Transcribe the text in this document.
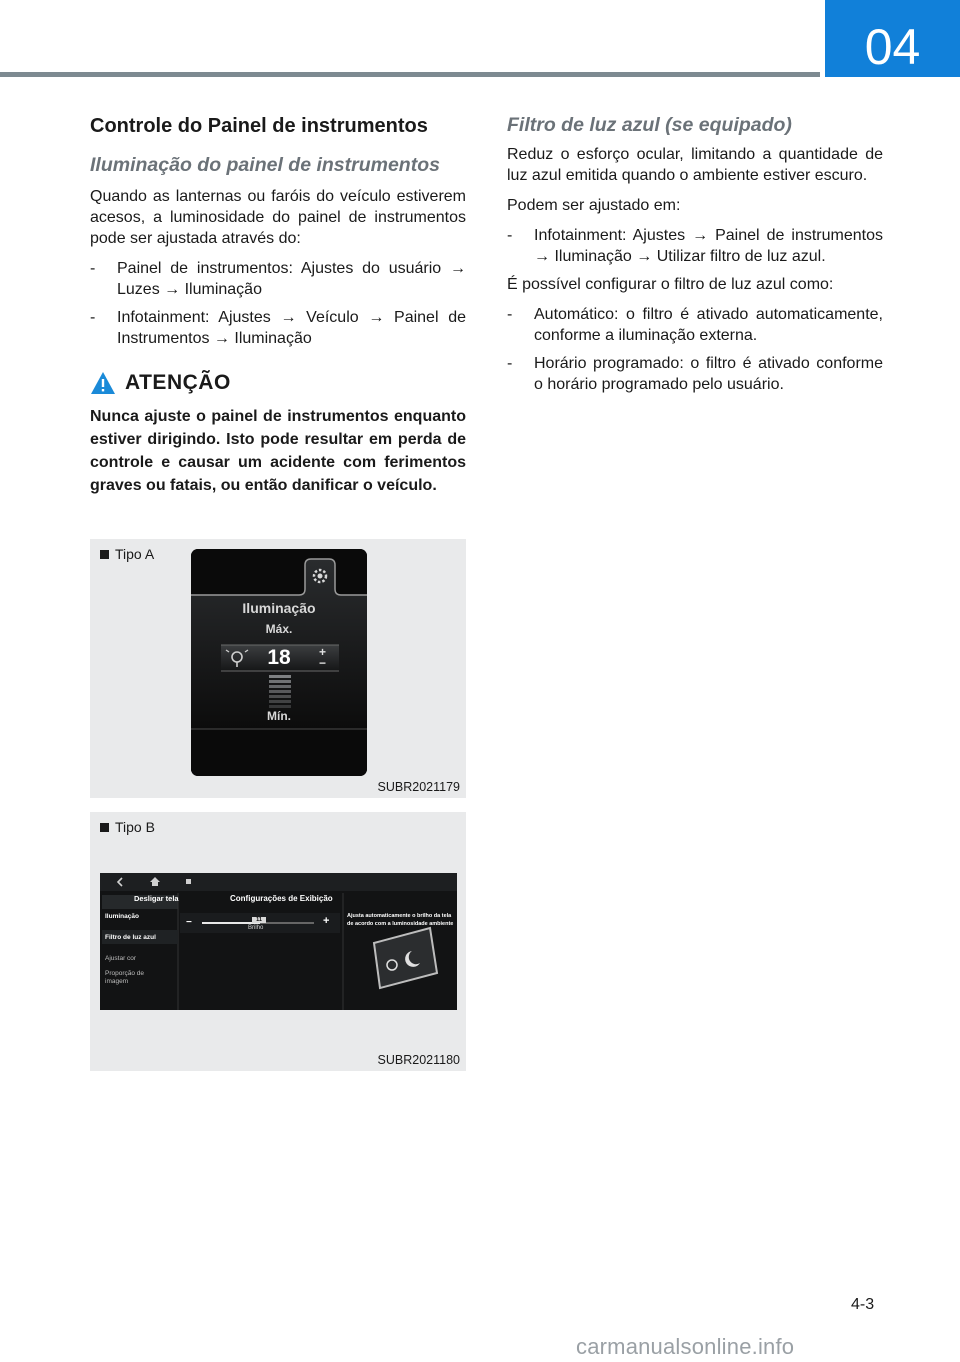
04
Controle do Painel de instrumentos
Iluminação do painel de instrumentos

Quando as lanternas ou faróis do veículo estiverem acesos, a luminosidade do painel de instrumentos pode ser ajustada através do:

- Painel de instrumentos: Ajustes do usuário → Luzes → Iluminação
- Infotainment: Ajustes → Veículo → Painel de Instrumentos → Iluminação
ATENÇÃO

Nunca ajuste o painel de instrumentos enquanto estiver dirigindo. Isto pode resultar em perda de controle e causar um acidente com ferimentos graves ou fatais, ou então danificar o veículo.

Tipo A
Iluminação
Máx.
18	+
−
Mín.
SUBR2021179
Tipo B
Desligar tela	Configurações de Exibição
Iluminação
Filtro de luz azul
Ajustar cor
Proporção de
imagem
−	+
11
Brilho
Ajusta automaticamente o brilho da tela
de acordo com a luminosidade ambiente
SUBR2021180
Filtro de luz azul (se equipado)

Reduz o esforço ocular, limitando a quantidade de luz azul emitida quando o ambiente estiver escuro.

Podem ser ajustado em:

- Infotainment: Ajustes → Painel de instrumentos → Iluminação → Utilizar filtro de luz azul.

É possível configurar o filtro de luz azul como:

- Automático: o filtro é ativado automaticamente, conforme a iluminação externa.
- Horário programado: o filtro é ativado conforme o horário programado pelo usuário.
4-3
carmanualsonline.info
